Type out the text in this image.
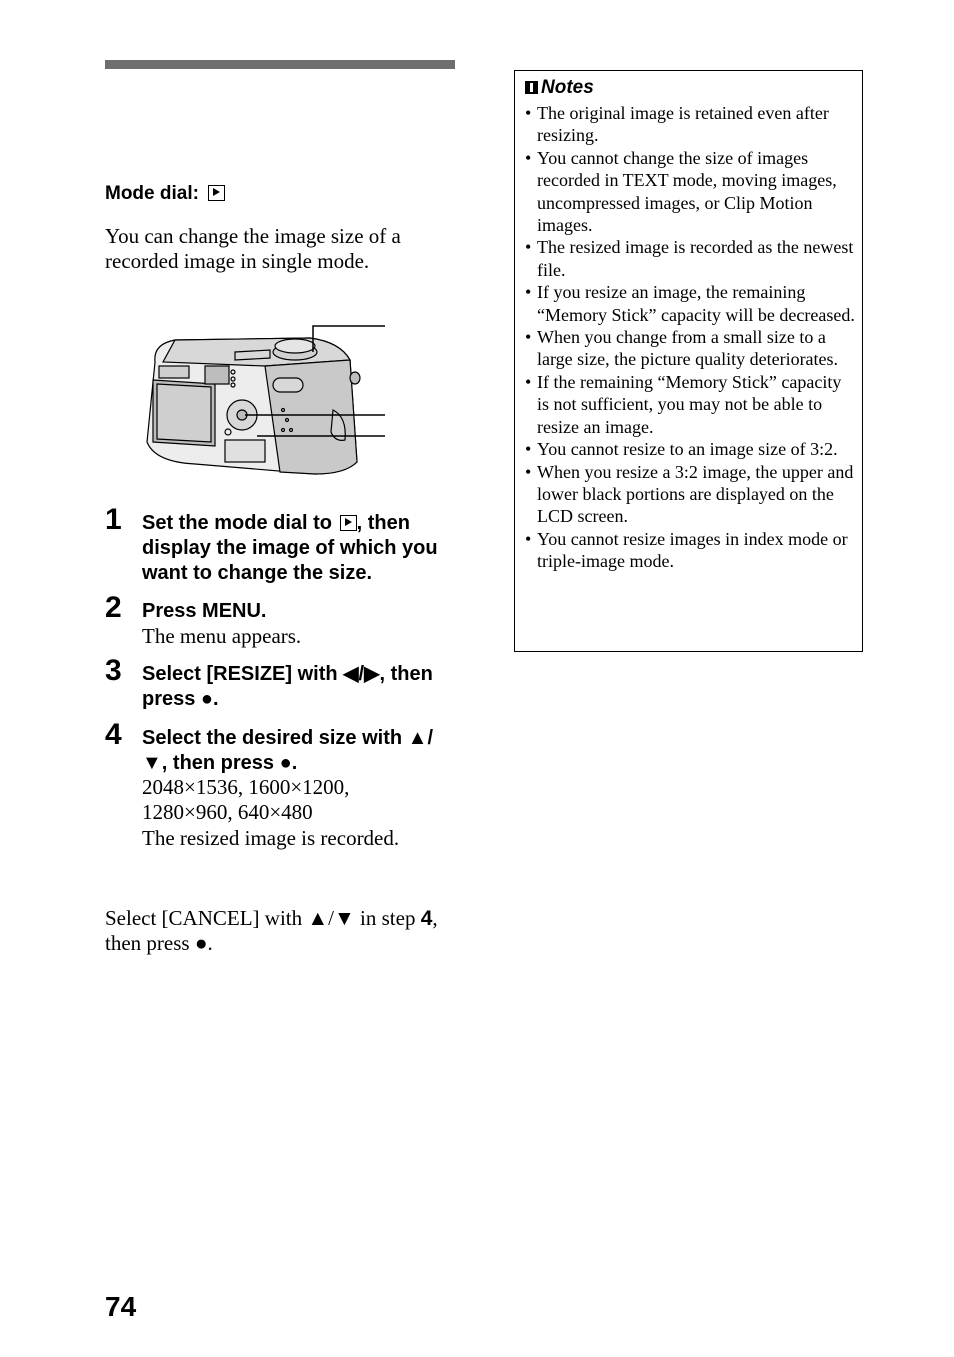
Mode dial:
You can change the image size of a recorded image in single mode.
1 Set the mode dial to , then display the image of which you want to change the size.
2 Press MENU.
The menu appears.
3 Select [RESIZE] with ◀/▶, then press ●.
4 Select the desired size with ▲/▼, then press ●.
2048×1536, 1600×1200,
1280×960, 640×480
The resized image is recorded.
Select [CANCEL] with ▲/▼ in step 4, then press ●.
Notes
• The original image is retained even after resizing.
• You cannot change the size of images recorded in TEXT mode, moving images, uncompressed images, or Clip Motion images.
• The resized image is recorded as the newest file.
• If you resize an image, the remaining “Memory Stick” capacity will be decreased.
• When you change from a small size to a large size, the picture quality deteriorates.
• If the remaining “Memory Stick” capacity is not sufficient, you may not be able to resize an image.
• You cannot resize to an image size of 3:2.
• When you resize a 3:2 image, the upper and lower black portions are displayed on the LCD screen.
• You cannot resize images in index mode or triple-image mode.
74
